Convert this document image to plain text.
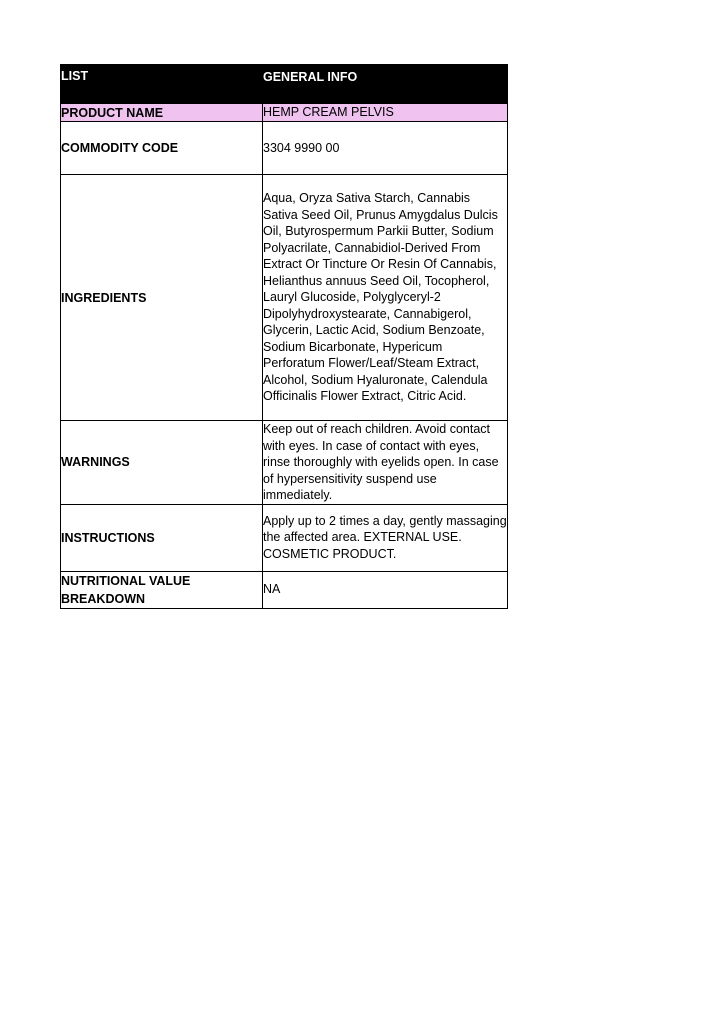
LIST	GENERAL INFO
PRODUCT NAME	HEMP CREAM PELVIS
COMMODITY CODE	3304 9990 00
INGREDIENTS	Aqua, Oryza Sativa Starch, Cannabis Sativa Seed Oil, Prunus Amygdalus Dulcis Oil, Butyrospermum Parkii Butter, Sodium Polyacrilate, Cannabidiol-Derived From Extract Or Tincture Or Resin Of Cannabis, Helianthus annuus Seed Oil, Tocopherol, Lauryl Glucoside, Polyglyceryl-2 Dipolyhydroxystearate, Cannabigerol, Glycerin, Lactic Acid, Sodium Benzoate, Sodium Bicarbonate, Hypericum Perforatum Flower/Leaf/Steam Extract, Alcohol, Sodium Hyaluronate, Calendula Officinalis Flower Extract, Citric Acid.
WARNINGS	Keep out of reach children. Avoid contact with eyes. In case of contact with eyes, rinse thoroughly with eyelids open. In case of hypersensitivity suspend use immediately.
INSTRUCTIONS	Apply up to 2 times a day, gently massaging the affected area. EXTERNAL USE. COSMETIC PRODUCT.
NUTRITIONAL VALUE BREAKDOWN	NA
